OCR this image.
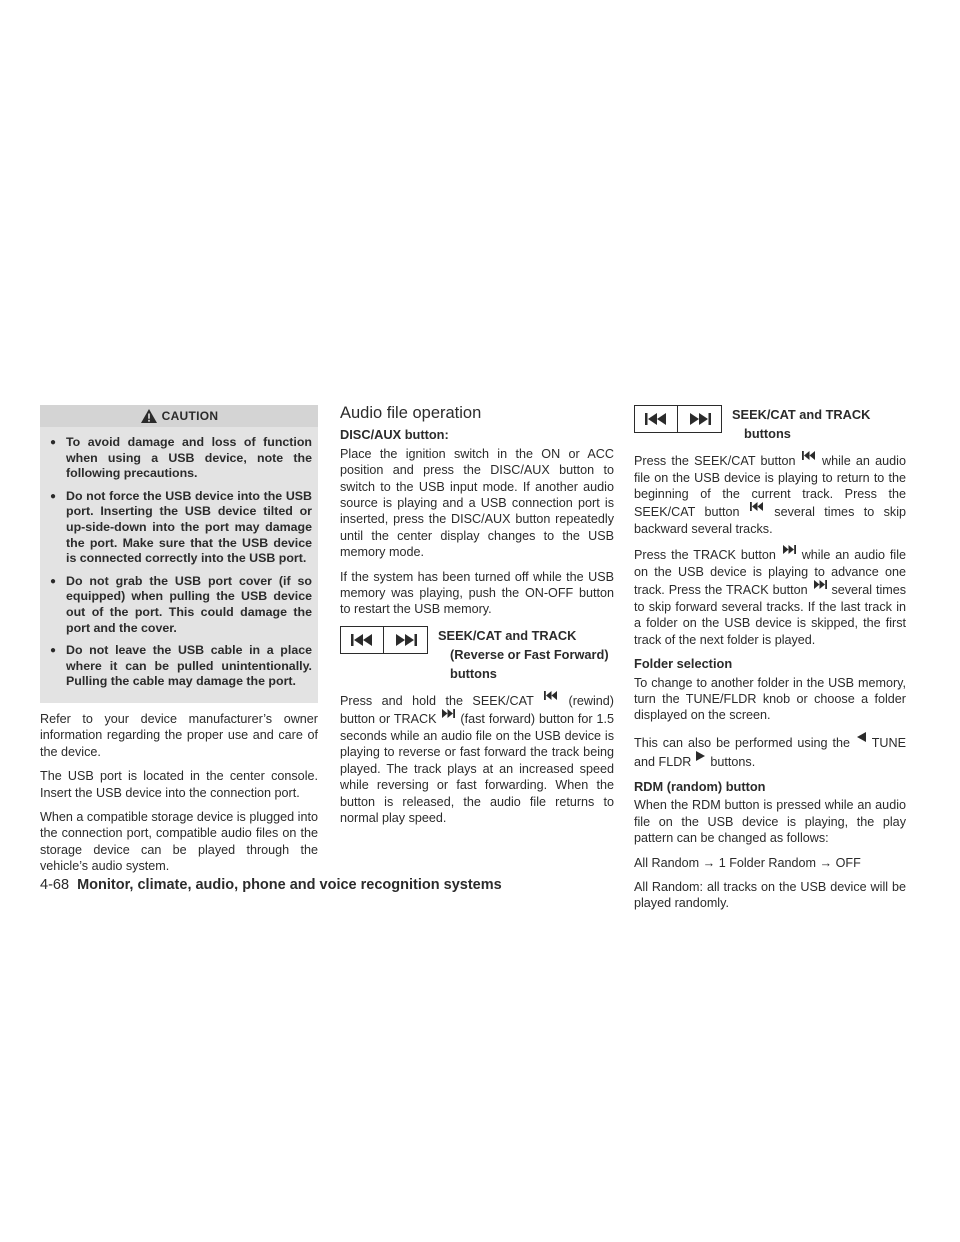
CAUTION
● To avoid damage and loss of function when using a USB device, note the following precautions.
● Do not force the USB device into the USB port. Inserting the USB device tilted or up-side-down into the port may damage the port. Make sure that the USB device is connected correctly into the USB port.
● Do not grab the USB port cover (if so equipped) when pulling the USB device out of the port. This could damage the port and the cover.
● Do not leave the USB cable in a place where it can be pulled unintentionally. Pulling the cable may damage the port.

Refer to your device manufacturer’s owner information regarding the proper use and care of the device.

The USB port is located in the center console. Insert the USB device into the connection port.

When a compatible storage device is plugged into the connection port, compatible audio files on the storage device can be played through the vehicle’s audio system.

Audio file operation
DISC/AUX button:

Place the ignition switch in the ON or ACC position and press the DISC/AUX button to switch to the USB input mode. If another audio source is playing and a USB connection port is inserted, press the DISC/AUX button repeatedly until the center display changes to the USB memory mode.

If the system has been turned off while the USB memory was playing, push the ON-OFF button to restart the USB memory.

SEEK/CAT and TRACK
(Reverse or Fast Forward)
buttons

Press and hold the SEEK/CAT	(rewind) button or TRACK (fast forward) button for 1.5 seconds while an audio file on the USB device is playing to reverse or fast forward the track being played. The track plays at an increased speed while reversing or fast forwarding. When the button is released, the audio file returns to normal play speed.

SEEK/CAT and TRACK
buttons

Press the SEEK/CAT button while an audio file on the USB device is playing to return to the beginning of the current track. Press the SEEK/CAT button	several times to skip backward several tracks.

Press the TRACK button while an audio file on the USB device is playing to advance one track. Press the TRACK button several times to skip forward several tracks. If the last track in a folder on the USB device is skipped, the first track of the next folder is played.

Folder selection

To change to another folder in the USB memory, turn the TUNE/FLDR knob or choose a folder displayed on the screen.

This can also be performed using the TUNE and FLDR buttons.

RDM (random) button

When the RDM button is pressed while an audio file on the USB device is playing, the play pattern can be changed as follows:

All Random → 1 Folder Random → OFF

All Random: all tracks on the USB device will be played randomly.

4-68 Monitor, climate, audio, phone and voice recognition systems
